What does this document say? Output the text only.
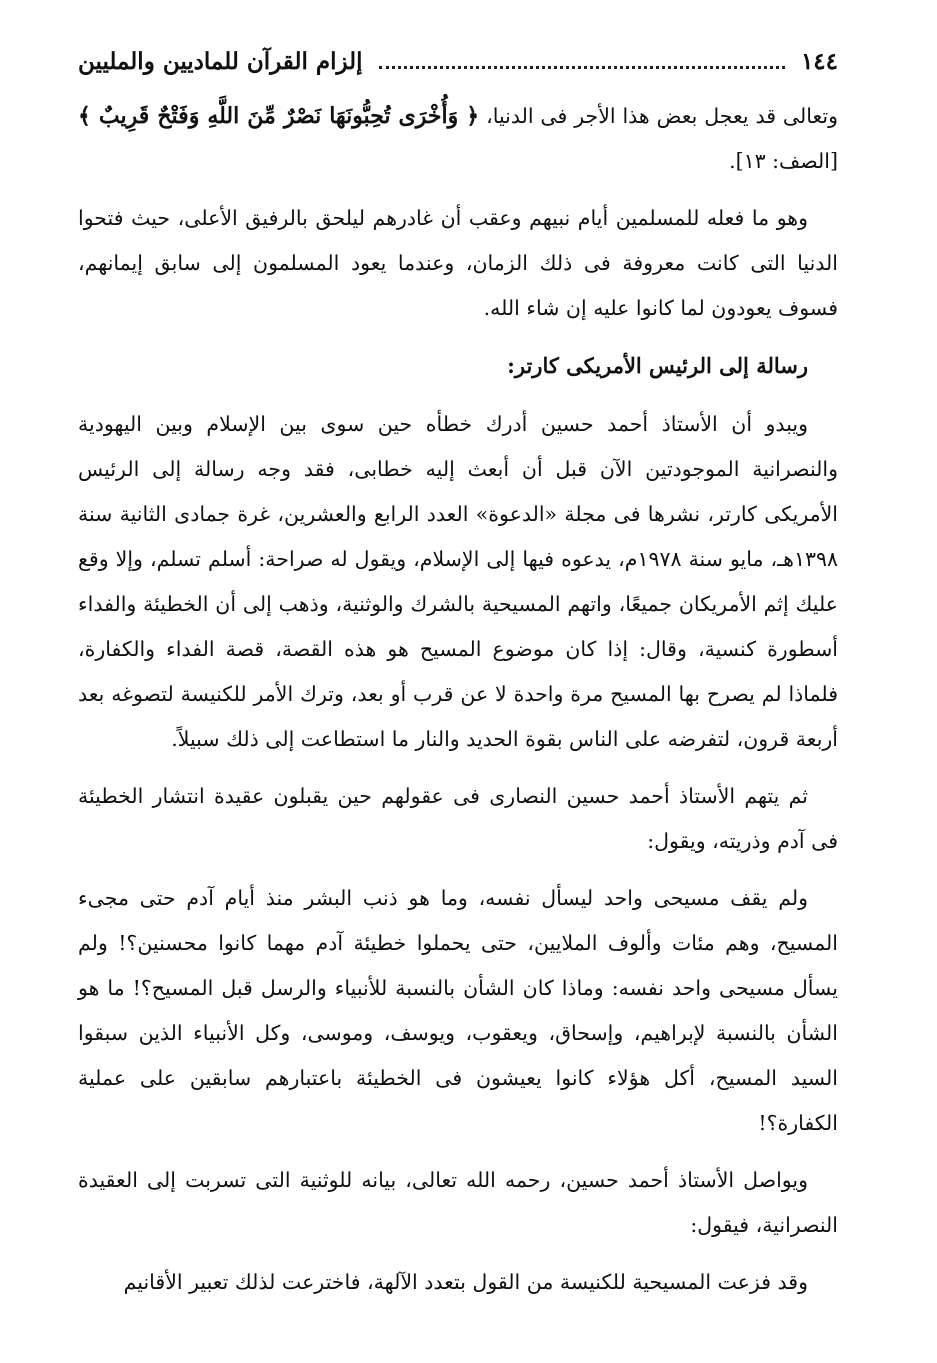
١٤٤
إلزام القرآن للماديين والمليين

وتعالى قد يعجل بعض هذا الأجر فى الدنيا، ﴿ وَأُخْرَى تُحِبُّونَهَا نَصْرٌ مِّنَ اللَّهِ وَفَتْحٌ قَرِيبٌ ﴾ [الصف: ١٣].

وهو ما فعله للمسلمين أيام نبيهم وعقب أن غادرهم ليلحق بالرفيق الأعلى، حيث فتحوا الدنيا التى كانت معروفة فى ذلك الزمان، وعندما يعود المسلمون إلى سابق إيمانهم، فسوف يعودون لما كانوا عليه إن شاء الله.

رسالة إلى الرئيس الأمريكى كارتر:

ويبدو أن الأستاذ أحمد حسين أدرك خطأه حين سوى بين الإسلام وبين اليهودية والنصرانية الموجودتين الآن قبل أن أبعث إليه خطابى، فقد وجه رسالة إلى الرئيس الأمريكى كارتر، نشرها فى مجلة «الدعوة» العدد الرابع والعشرين، غرة جمادى الثانية سنة ١٣٩٨هـ، مايو سنة ١٩٧٨م، يدعوه فيها إلى الإسلام، ويقول له صراحة: أسلم تسلم، وإلا وقع عليك إثم الأمريكان جميعًا، واتهم المسيحية بالشرك والوثنية، وذهب إلى أن الخطيئة والفداء أسطورة كنسية، وقال: إذا كان موضوع المسيح هو هذه القصة، قصة الفداء والكفارة، فلماذا لم يصرح بها المسيح مرة واحدة لا عن قرب أو بعد، وترك الأمر للكنيسة لتصوغه بعد أربعة قرون، لتفرضه على الناس بقوة الحديد والنار ما استطاعت إلى ذلك سبيلاً.

ثم يتهم الأستاذ أحمد حسين النصارى فى عقولهم حين يقبلون عقيدة انتشار الخطيئة فى آدم وذريته، ويقول:

ولم يقف مسيحى واحد ليسأل نفسه، وما هو ذنب البشر منذ أيام آدم حتى مجىء المسيح، وهم مئات وألوف الملايين، حتى يحملوا خطيئة آدم مهما كانوا محسنين؟! ولم يسأل مسيحى واحد نفسه: وماذا كان الشأن بالنسبة للأنبياء والرسل قبل المسيح؟! ما هو الشأن بالنسبة لإبراهيم، وإسحاق، ويعقوب، ويوسف، وموسى، وكل الأنبياء الذين سبقوا السيد المسيح، أكل هؤلاء كانوا يعيشون فى الخطيئة باعتبارهم سابقين على عملية الكفارة؟!

ويواصل الأستاذ أحمد حسين، رحمه الله تعالى، بيانه للوثنية التى تسربت إلى العقيدة النصرانية، فيقول:

وقد فزعت المسيحية للكنيسة من القول بتعدد الآلهة، فاخترعت لذلك تعبير الأقانيم
